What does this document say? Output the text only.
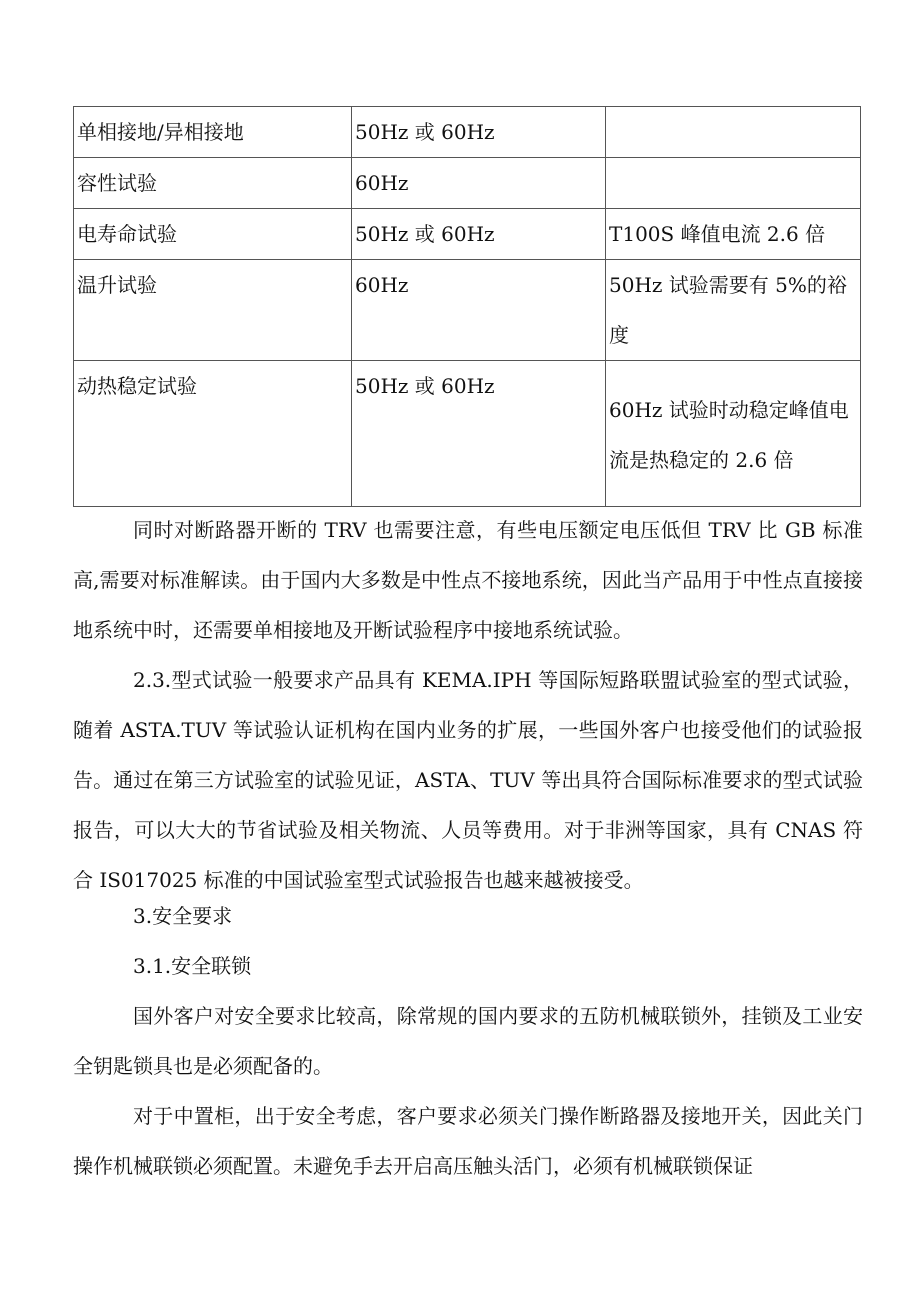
单相接地/异相接地	50Hz 或 60Hz	
容性试验	60Hz	
电寿命试验	50Hz 或 60Hz	T100S 峰值电流 2.6 倍
温升试验	60Hz	50Hz 试验需要有 5%的裕度
动热稳定试验	50Hz 或 60Hz	60Hz 试验时动稳定峰值电流是热稳定的 2.6 倍

同时对断路器开断的 TRV 也需要注意，有些电压额定电压低但 TRV 比 GB 标准高,需要对标准解读。由于国内大多数是中性点不接地系统，因此当产品用于中性点直接接地系统中时，还需要单相接地及开断试验程序中接地系统试验。

2.3.型式试验一般要求产品具有 KEMA.IPH 等国际短路联盟试验室的型式试验，随着 ASTA.TUV 等试验认证机构在国内业务的扩展，一些国外客户也接受他们的试验报告。通过在第三方试验室的试验见证，ASTA、TUV 等出具符合国际标准要求的型式试验报告，可以大大的节省试验及相关物流、人员等费用。对于非洲等国家，具有 CNAS 符合 IS017025 标准的中国试验室型式试验报告也越来越被接受。

3.安全要求

3.1.安全联锁

国外客户对安全要求比较高，除常规的国内要求的五防机械联锁外，挂锁及工业安全钥匙锁具也是必须配备的。

对于中置柜，出于安全考虑，客户要求必须关门操作断路器及接地开关，因此关门操作机械联锁必须配置。未避免手去开启高压触头活门，必须有机械联锁保证
